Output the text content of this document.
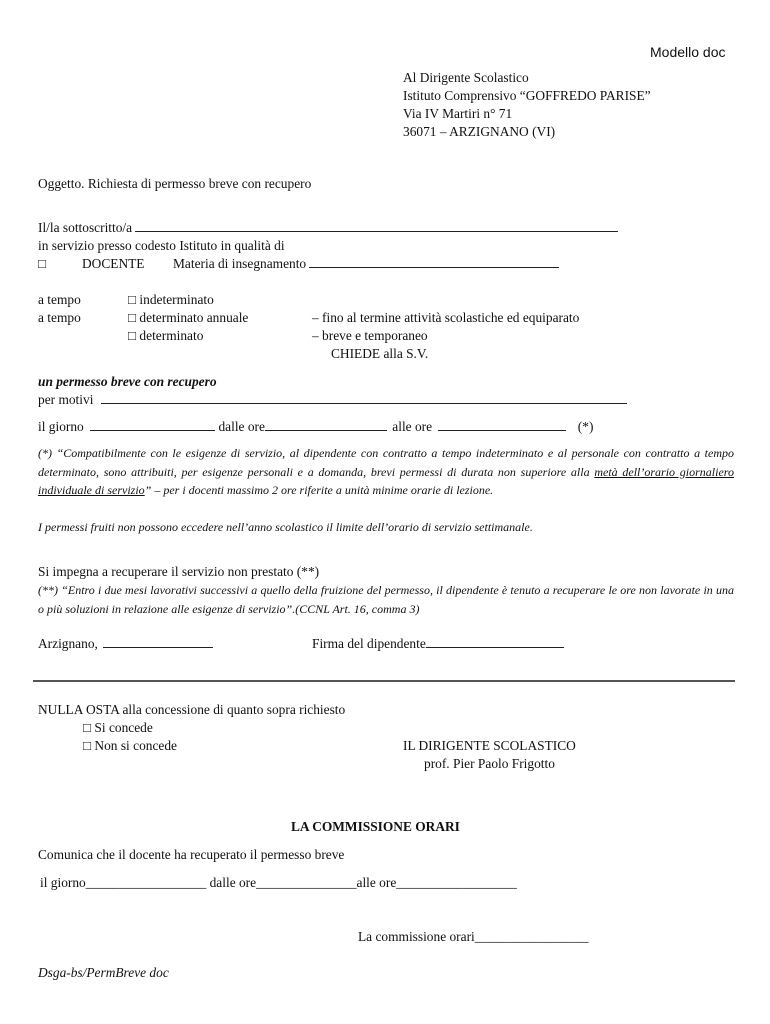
Modello doc
Al Dirigente Scolastico
Istituto Comprensivo “GOFFREDO PARISE”
Via IV Martiri n° 71
36071 – ARZIGNANO (VI)
Oggetto. Richiesta di permesso breve con recupero
Il/la sottoscritto/a
in servizio presso codesto Istituto in qualità di
□	DOCENTE Materia di insegnamento
a tempo	□ indeterminato
a tempo	□ determinato annuale	– fino al termine attività scolastiche ed equiparato
□ determinato	– breve e temporaneo
CHIEDE alla S.V.
un permesso breve con recupero
per motivi
il giorno	dalle ore	alle ore	(*)
(*) “Compatibilmente con le esigenze di servizio, al dipendente con contratto a tempo indeterminato e al personale con contratto a tempo determinato, sono attribuiti, per esigenze personali e a domanda, brevi permessi di durata non superiore alla metà dell’orario giornaliero individuale di servizio” – per i docenti massimo 2 ore riferite a unità minime orarie di lezione.
I permessi fruiti non possono eccedere nell’anno scolastico il limite dell’orario di servizio settimanale.
Si impegna a recuperare il servizio non prestato (**)
(**) “Entro i due mesi lavorativi successivi a quello della fruizione del permesso, il dipendente è tenuto a recuperare le ore non lavorate in una o più soluzioni in relazione alle esigenze di servizio”.(CCNL Art. 16, comma 3)
Arzignano,	Firma del dipendente
NULLA OSTA alla concessione di quanto sopra richiesto
□ Si concede
□ Non si concede	IL DIRIGENTE SCOLASTICO
prof. Pier Paolo Frigotto
LA COMMISSIONE ORARI
Comunica che il docente ha recuperato il permesso breve
il giorno__________________ dalle ore_______________alle ore__________________
La commissione orari_________________
Dsga-bs/PermBreve doc
